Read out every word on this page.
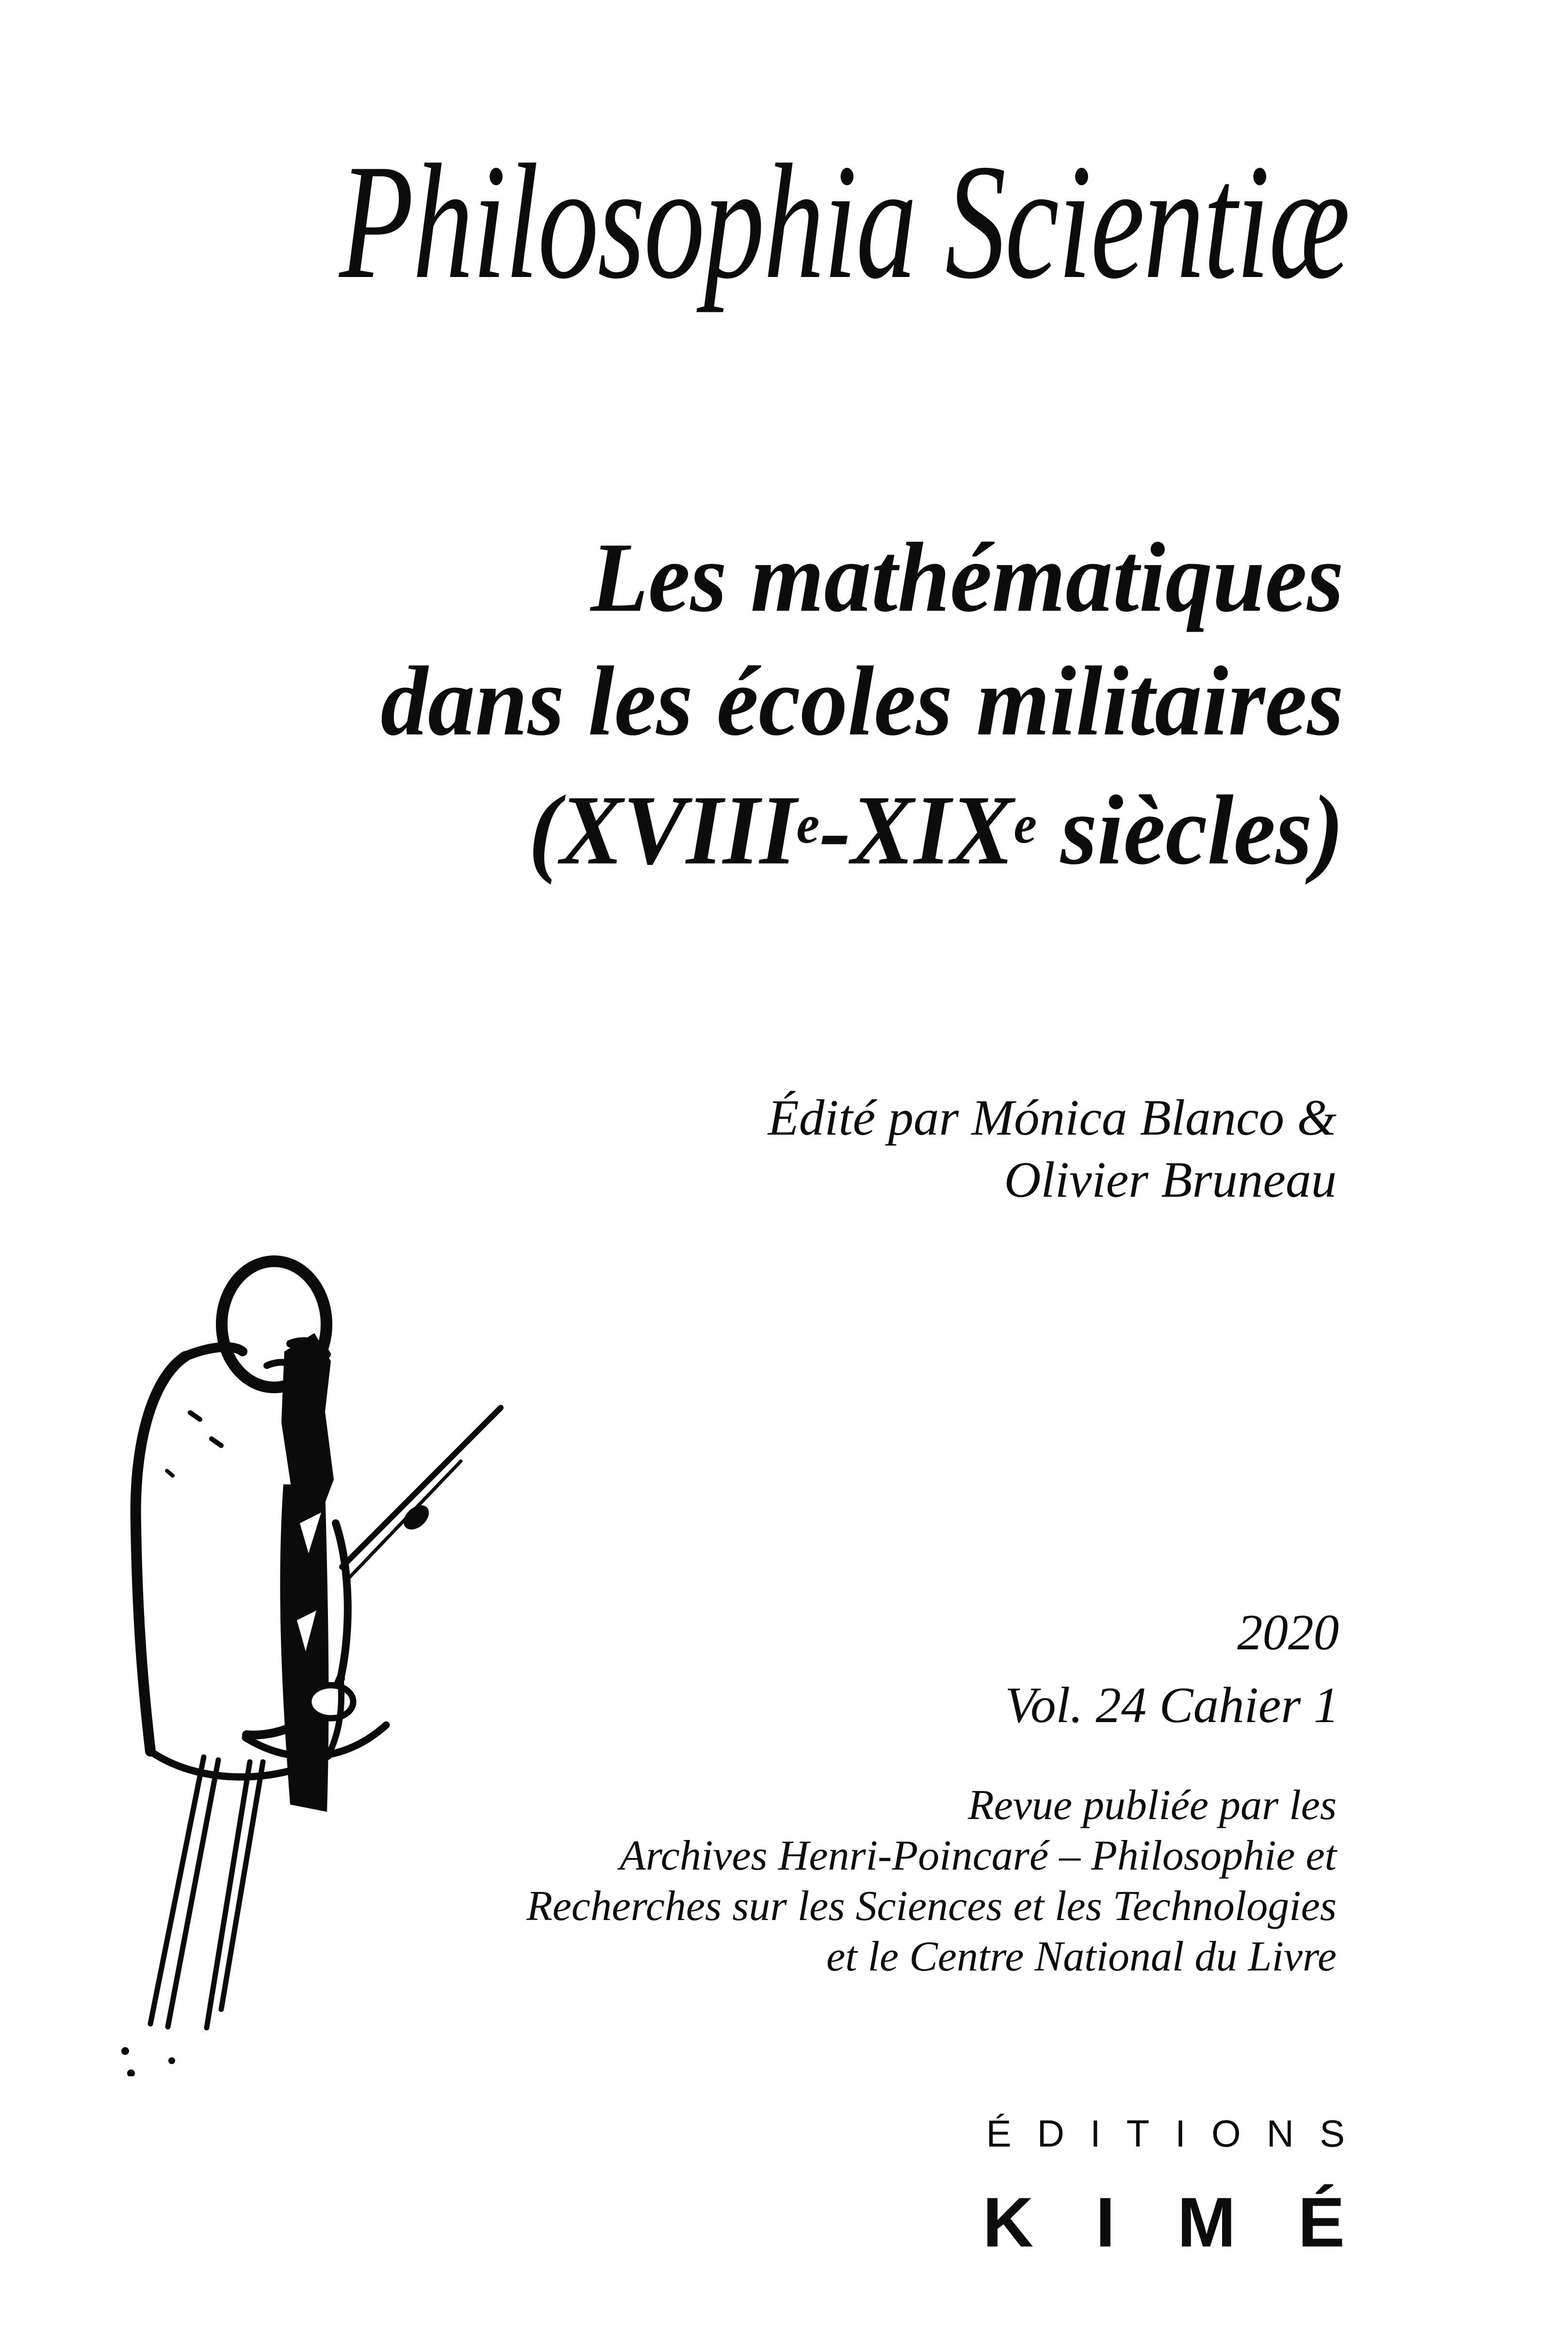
Philosophia Scientiæ
Les mathématiques
dans les écoles militaires
(XVIIIe-XIXe siècles)
Édité par Mónica Blanco &
Olivier Bruneau
2020
Vol. 24 Cahier 1
Revue publiée par les
Archives Henri-Poincaré – Philosophie et
Recherches sur les Sciences et les Technologies
et le Centre National du Livre
ÉDITIONS
KIMÉ
